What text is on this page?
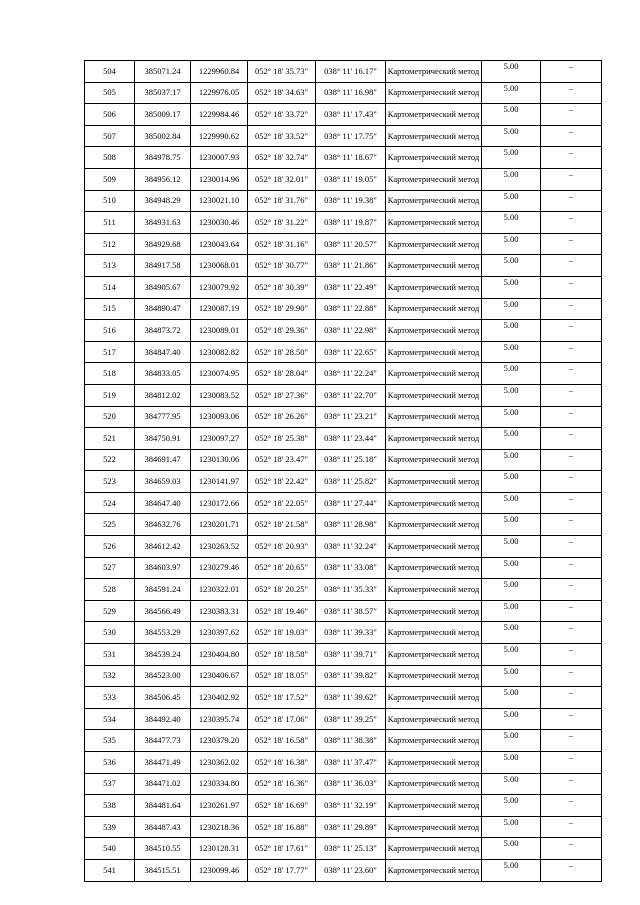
504	385071.24	1229960.84	052° 18' 35.73"	038° 11' 16.17"	Картометрический метод	5.00	–
505	385037.17	1229976.05	052° 18' 34.63"	038° 11' 16.98"	Картометрический метод	5.00	–
506	385009.17	1229984.46	052° 18' 33.72"	038° 11' 17.43"	Картометрический метод	5.00	–
507	385002.84	1229990.62	052° 18' 33.52"	038° 11' 17.75"	Картометрический метод	5.00	–
508	384978.75	1230007.93	052° 18' 32.74"	038° 11' 18.67"	Картометрический метод	5.00	–
509	384956.12	1230014.96	052° 18' 32.01"	038° 11' 19.05"	Картометрический метод	5.00	–
510	384948.29	1230021.10	052° 18' 31.76"	038° 11' 19.38"	Картометрический метод	5.00	–
511	384931.63	1230030.46	052° 18' 31.22"	038° 11' 19.87"	Картометрический метод	5.00	–
512	384929.68	1230043.64	052° 18' 31.16"	038° 11' 20.57"	Картометрический метод	5.00	–
513	384917.58	1230068.01	052° 18' 30.77"	038° 11' 21.86"	Картометрический метод	5.00	–
514	384905.67	1230079.92	052° 18' 30.39"	038° 11' 22.49"	Картометрический метод	5.00	–
515	384890.47	1230087.19	052° 18' 29.90"	038° 11' 22.88"	Картометрический метод	5.00	–
516	384873.72	1230089.01	052° 18' 29.36"	038° 11' 22.98"	Картометрический метод	5.00	–
517	384847.40	1230082.82	052° 18' 28.50"	038° 11' 22.65"	Картометрический метод	5.00	–
518	384833.05	1230074.95	052° 18' 28.04"	038° 11' 22.24"	Картометрический метод	5.00	–
519	384812.02	1230083.52	052° 18' 27.36"	038° 11' 22.70"	Картометрический метод	5.00	–
520	384777.95	1230093.06	052° 18' 26.26"	038° 11' 23.21"	Картометрический метод	5.00	–
521	384750.91	1230097.27	052° 18' 25.38"	038° 11' 23.44"	Картометрический метод	5.00	–
522	384691.47	1230130.06	052° 18' 23.47"	038° 11' 25.18"	Картометрический метод	5.00	–
523	384659.03	1230141.97	052° 18' 22.42"	038° 11' 25.82"	Картометрический метод	5.00	–
524	384647.40	1230172.66	052° 18' 22.05"	038° 11' 27.44"	Картометрический метод	5.00	–
525	384632.76	1230201.71	052° 18' 21.58"	038° 11' 28.98"	Картометрический метод	5.00	–
526	384612.42	1230263.52	052° 18' 20.93"	038° 11' 32.24"	Картометрический метод	5.00	–
527	384603.97	1230279.46	052° 18' 20.65"	038° 11' 33.08"	Картометрический метод	5.00	–
528	384591.24	1230322.01	052° 18' 20.25"	038° 11' 35.33"	Картометрический метод	5.00	–
529	384566.49	1230383.31	052° 18' 19.46"	038° 11' 38.57"	Картометрический метод	5.00	–
530	384553.29	1230397.62	052° 18' 19.03"	038° 11' 39.33"	Картометрический метод	5.00	–
531	384539.24	1230404.80	052° 18' 18.58"	038° 11' 39.71"	Картометрический метод	5.00	–
532	384523.00	1230406.67	052° 18' 18.05"	038° 11' 39.82"	Картометрический метод	5.00	–
533	384506.45	1230402.92	052° 18' 17.52"	038° 11' 39.62"	Картометрический метод	5.00	–
534	384492.40	1230395.74	052° 18' 17.06"	038° 11' 39.25"	Картометрический метод	5.00	–
535	384477.73	1230379.20	052° 18' 16.58"	038° 11' 38.38"	Картометрический метод	5.00	–
536	384471.49	1230362.02	052° 18' 16.38"	038° 11' 37.47"	Картометрический метод	5.00	–
537	384471.02	1230334.80	052° 18' 16.36"	038° 11' 36.03"	Картометрический метод	5.00	–
538	384481.64	1230261.97	052° 18' 16.69"	038° 11' 32.19"	Картометрический метод	5.00	–
539	384487.43	1230218.36	052° 18' 16.88"	038° 11' 29.89"	Картометрический метод	5.00	–
540	384510.55	1230128.31	052° 18' 17.61"	038° 11' 25.13"	Картометрический метод	5.00	–
541	384515.51	1230099.46	052° 18' 17.77"	038° 11' 23.60"	Картометрический метод	5.00	–
